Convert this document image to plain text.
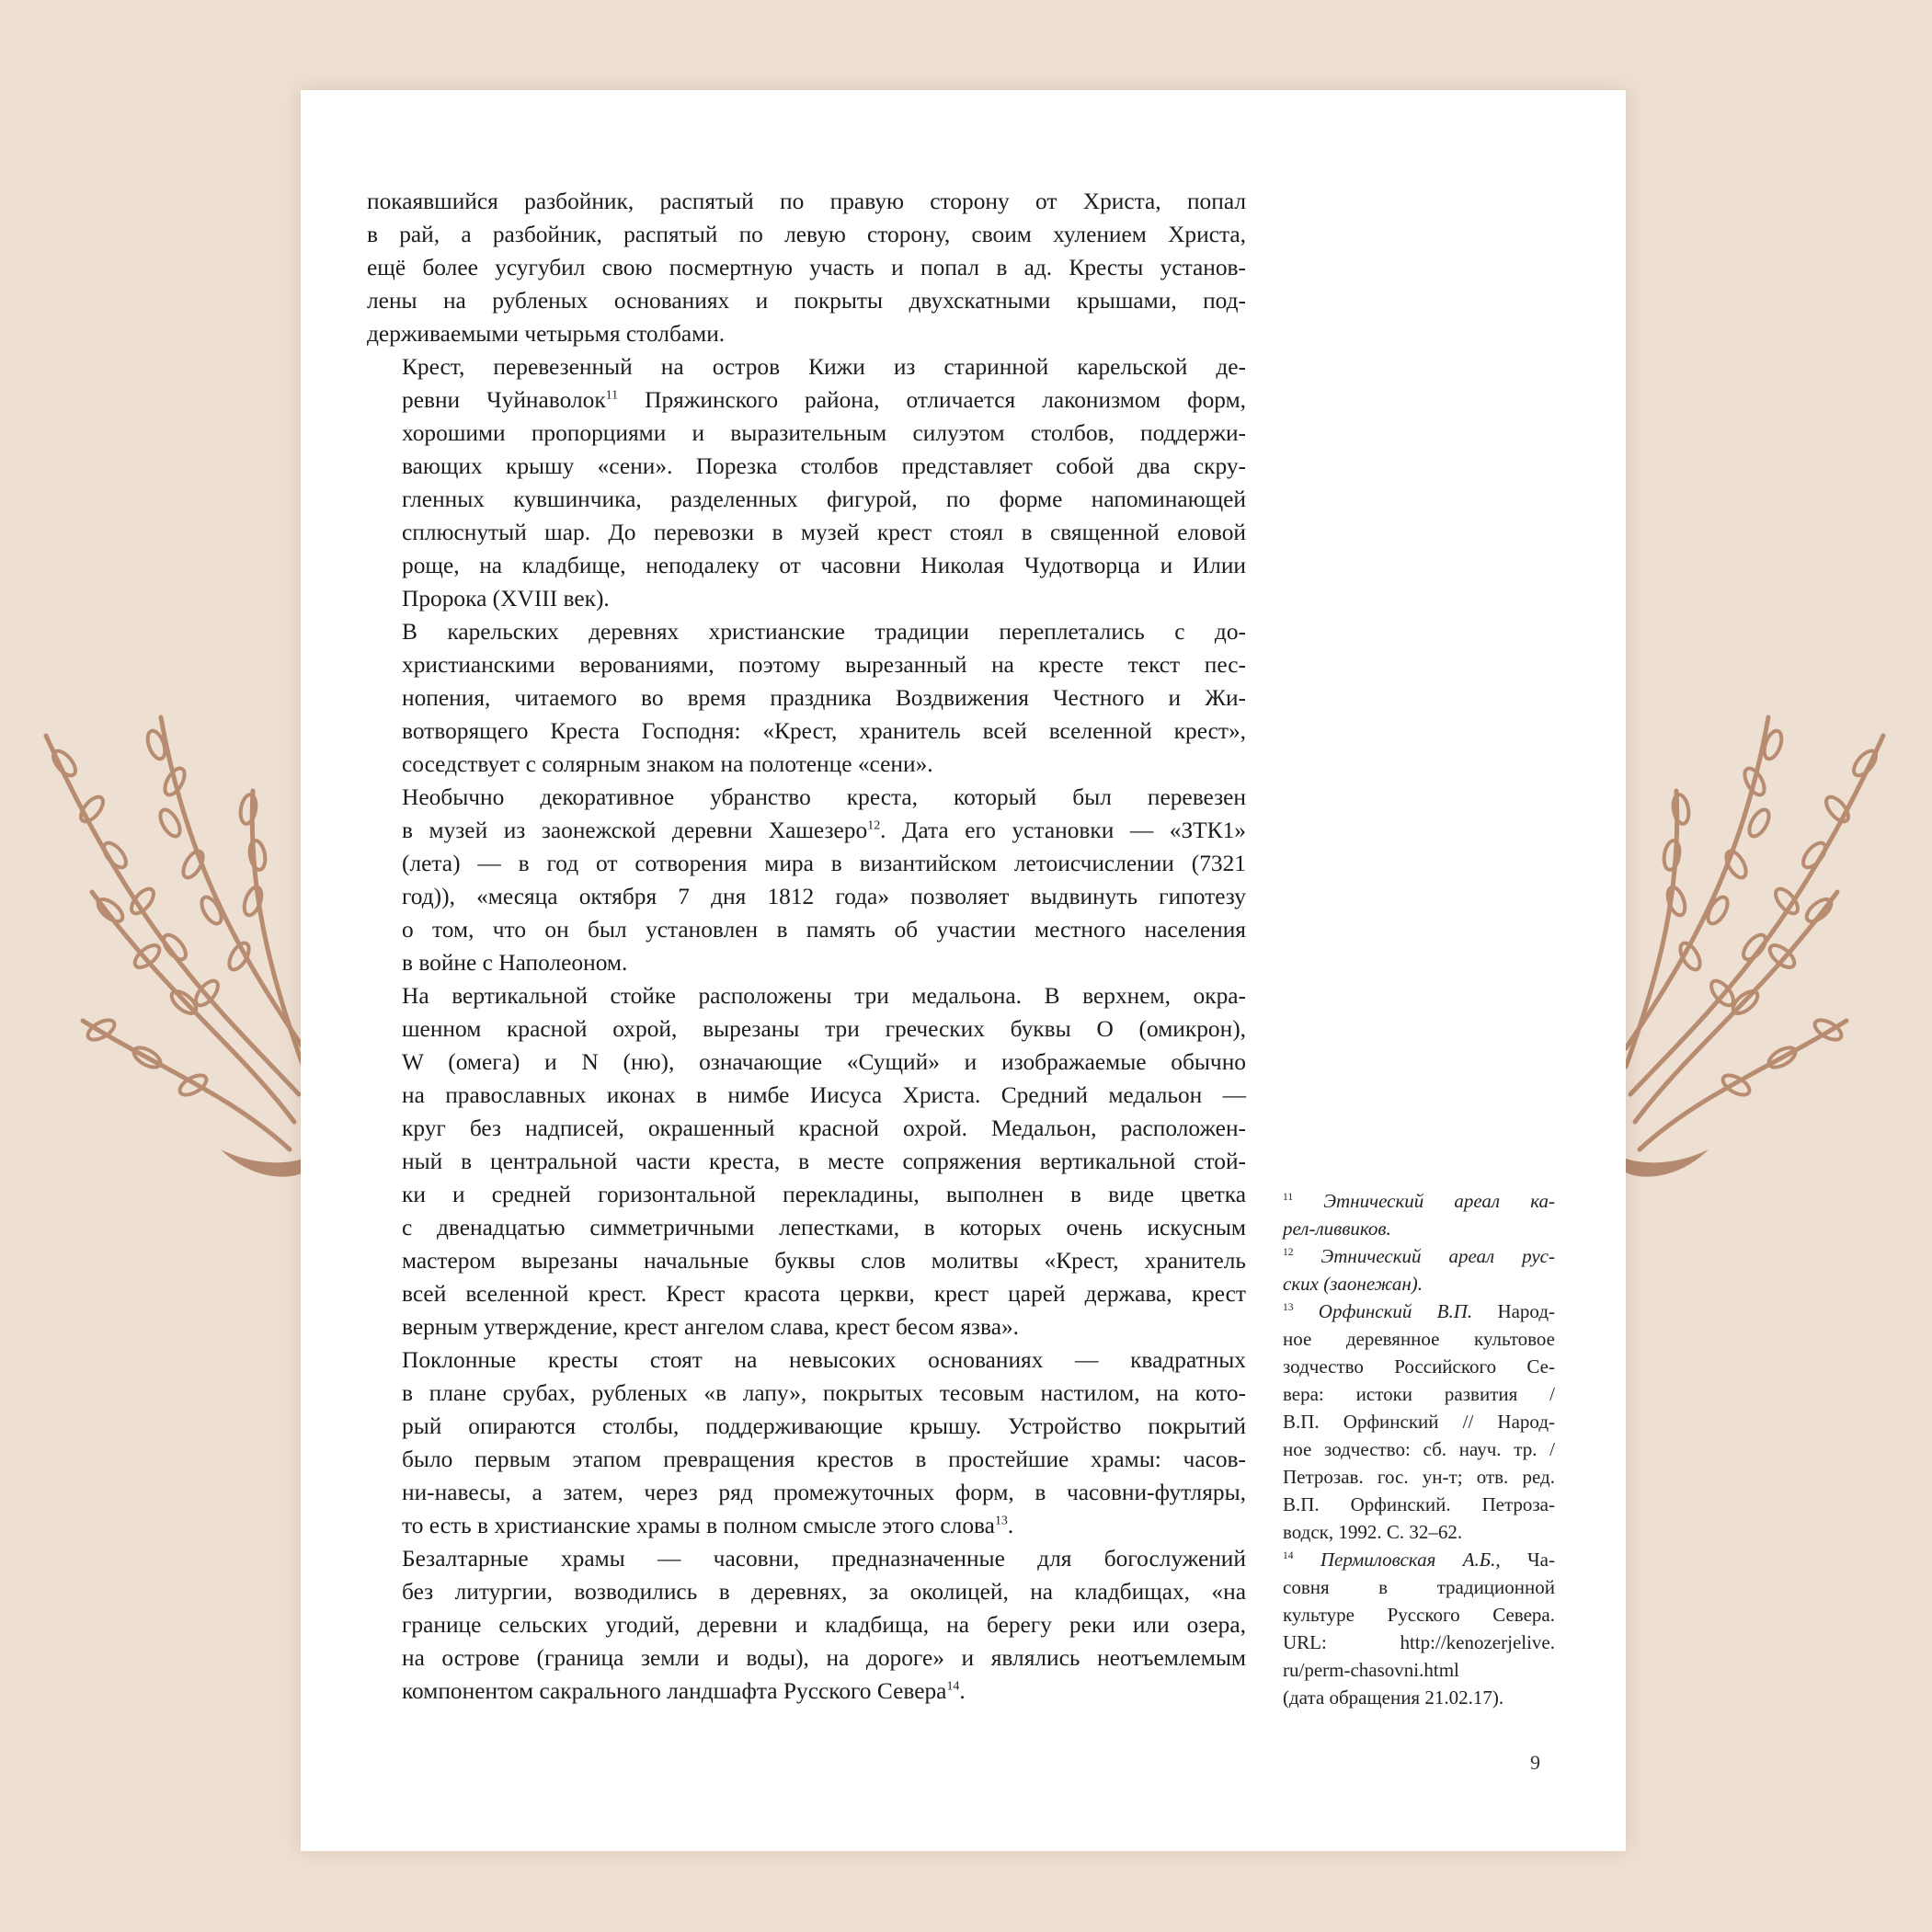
покаявшийся разбойник, распятый по правую сторону от Христа, попал
в рай, а разбойник, распятый по левую сторону, своим хулением Христа,
ещё более усугубил свою посмертную участь и попал в ад. Кресты установ-
лены на рубленых основаниях и покрыты двухскатными крышами, под-
держиваемыми четырьмя столбами.

Крест, перевезенный на остров Кижи из старинной карельской де-
ревни Чуйнаволок$^{11}$ Пряжинского района, отличается лаконизмом форм,
хорошими пропорциями и выразительным силуэтом столбов, поддержи-
вающих крышу «сени». Порезка столбов представляет собой два скру-
гленных кувшинчика, разделенных фигурой, по форме напоминающей
сплюснутый шар. До перевозки в музей крест стоял в священной еловой
роще, на кладбище, неподалеку от часовни Николая Чудотворца и Илии
Пророка (XVIII век).

В карельских деревнях христианские традиции переплетались с до-
христианскими верованиями, поэтому вырезанный на кресте текст пес-
нопения, читаемого во время праздника Воздвижения Честного и Жи-
вотворящего Креста Господня: «Крест, хранитель всей вселенной крест»,
соседствует с солярным знаком на полотенце «сени».

Необычно декоративное убранство креста, который был перевезен
в музей из заонежской деревни Хашезеро$^{12}$. Дата его установки — «ЗТК1»
(лета) — в год от сотворения мира в византийском летоисчислении (7321
год)), «месяца октября 7 дня 1812 года» позволяет выдвинуть гипотезу
о том, что он был установлен в память об участии местного населения
в войне с Наполеоном.

На вертикальной стойке расположены три медальона. В верхнем, окра-
шенном красной охрой, вырезаны три греческих буквы О (омикрон),
W (омега) и N (ню), означающие «Сущий» и изображаемые обычно
на православных иконах в нимбе Иисуса Христа. Средний медальон —
круг без надписей, окрашенный красной охрой. Медальон, расположен-
ный в центральной части креста, в месте сопряжения вертикальной стой-
ки и средней горизонтальной перекладины, выполнен в виде цветка
с двенадцатью симметричными лепестками, в которых очень искусным
мастером вырезаны начальные буквы слов молитвы «Крест, хранитель
всей вселенной крест. Крест красота церкви, крест царей держава, крест
верным утверждение, крест ангелом слава, крест бесом язва».

Поклонные кресты стоят на невысоких основаниях — квадратных
в плане срубах, рубленых «в лапу», покрытых тесовым настилом, на кото-
рый опираются столбы, поддерживающие крышу. Устройство покрытий
было первым этапом превращения крестов в простейшие храмы: часов-
ни-навесы, а затем, через ряд промежуточных форм, в часовни-футляры,
то есть в христианские храмы в полном смысле этого слова$^{13}$.

Безалтарные храмы — часовни, предназначенные для богослужений
без литургии, возводились в деревнях, за околицей, на кладбищах, «на
границе сельских угодий, деревни и кладбища, на берегу реки или озера,
на острове (граница земли и воды), на дороге» и являлись неотъемлемым
компонентом сакрального ландшафта Русского Севера$^{14}$.

$^{11}$ Этнический ареал ка-
рел-ливвиков.
$^{12}$ Этнический ареал рус-
ских (заонежан).
$^{13}$ Орфинский В.П. Народ-
ное деревянное культовое
зодчество Российского Се-
вера: истоки развития /
В.П. Орфинский // Народ-
ное зодчество: сб. науч. тр. /
Петрозав. гос. ун-т; отв. ред.
В.П. Орфинский. Петроза-
водск, 1992. С. 32–62.
$^{14}$ Пермиловская А.Б., Ча-
совня в традиционной
культуре Русского Севера.
URL: http://kenozerjelive.
ru/perm-chasovni.html
(дата обращения 21.02.17).
9
